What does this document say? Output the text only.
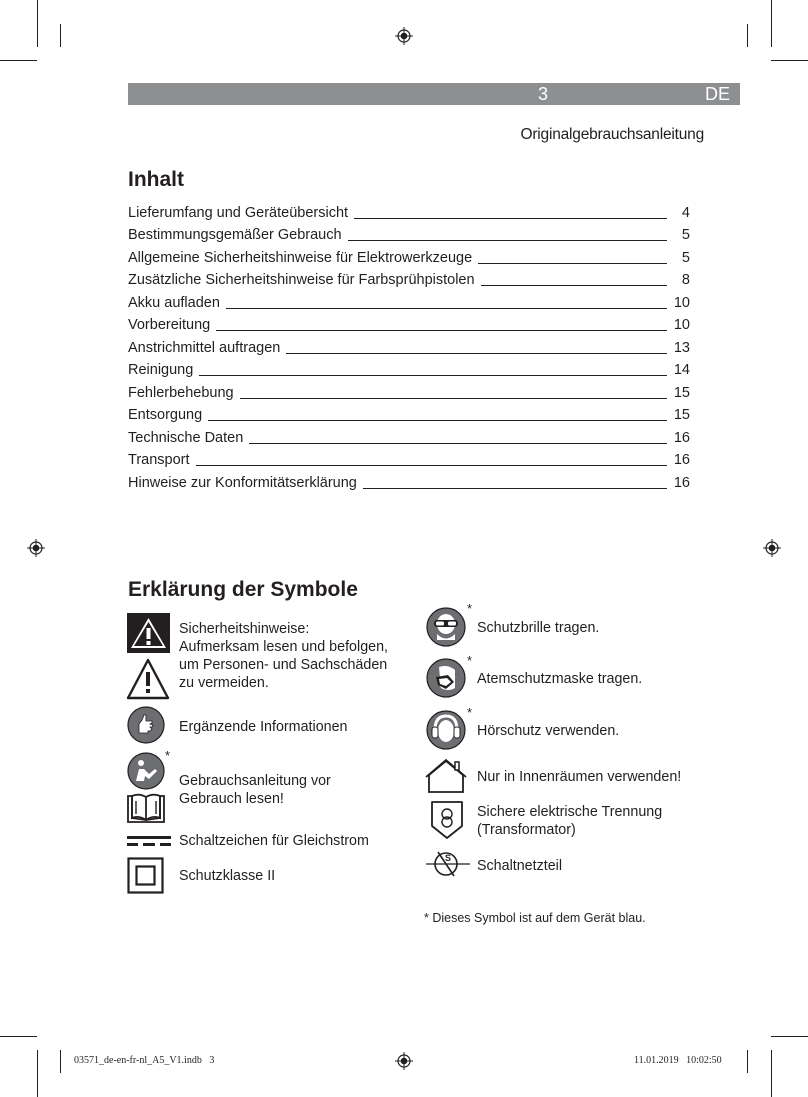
3	DE
Originalgebrauchsanleitung
Inhalt
Lieferumfang und Geräteübersicht	4
Bestimmungsgemäßer Gebrauch	5
Allgemeine Sicherheitshinweise für Elektrowerkzeuge	5
Zusätzliche Sicherheitshinweise für Farbsprühpistolen	8
Akku aufladen	10
Vorbereitung	10
Anstrichmittel auftragen	13
Reinigung	14
Fehlerbehebung	15
Entsorgung	15
Technische Daten	16
Transport	16
Hinweise zur Konformitätserklärung	16
Erklärung der Symbole
Sicherheitshinweise:
Aufmerksam lesen und befolgen,
um Personen- und Sachschäden
zu vermeiden.
Ergänzende Informationen
*
Gebrauchsanleitung vor
Gebrauch lesen!
Schaltzeichen für Gleichstrom
Schutzklasse II
*
Schutzbrille tragen.
*
Atemschutzmaske tragen.
*
Hörschutz verwenden.
Nur in Innenräumen verwenden!
Sichere elektrische Trennung
(Transformator)
S Schaltnetzteil
* Dieses Symbol ist auf dem Gerät blau.
03571_de-en-fr-nl_A5_V1.indb   3	11.01.2019   10:02:50
